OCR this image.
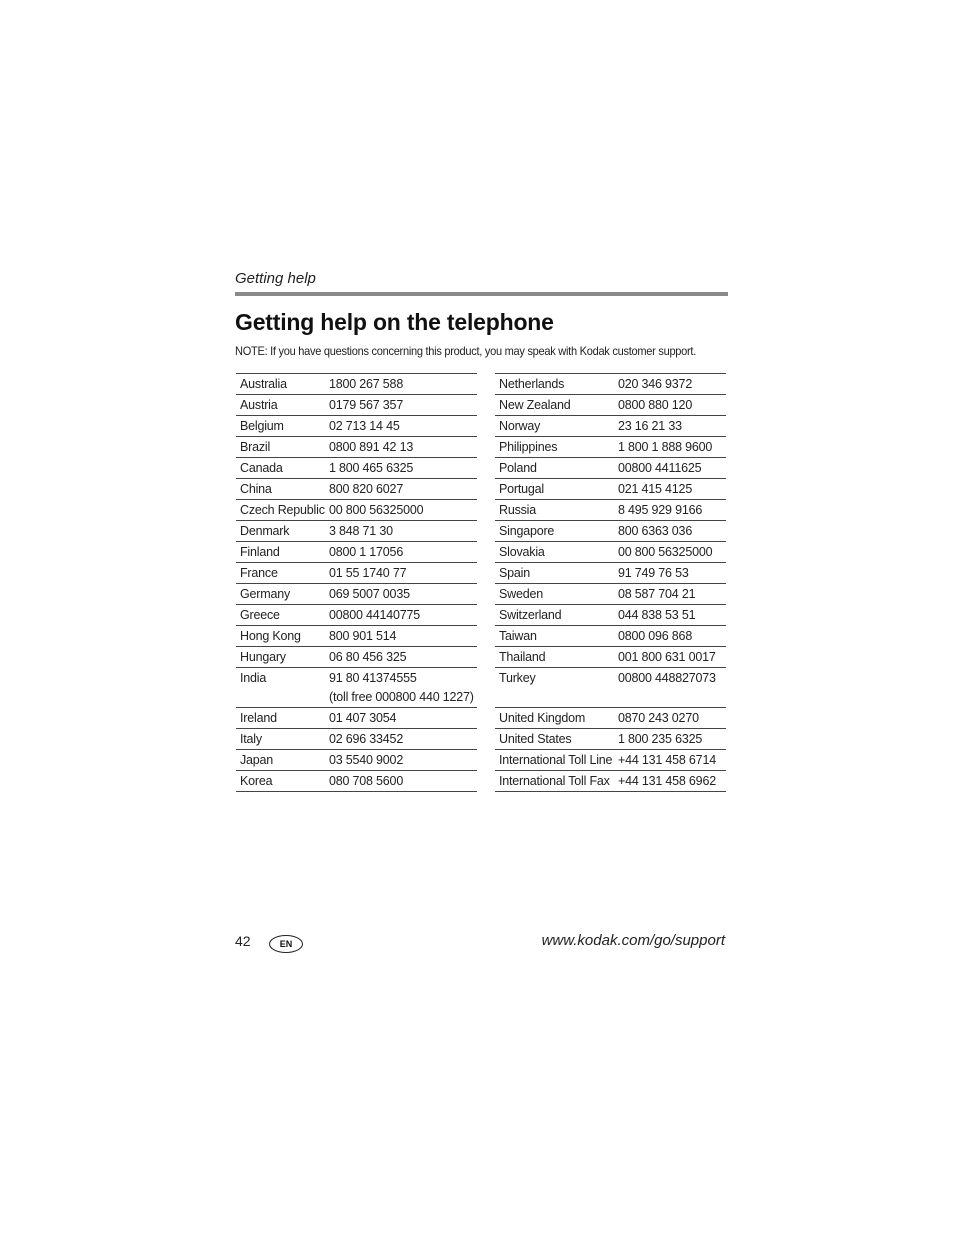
Getting help
Getting help on the telephone
NOTE: If you have questions concerning this product, you may speak with Kodak customer support.
Australia	1800 267 588
Austria	0179 567 357
Belgium	02 713 14 45
Brazil	0800 891 42 13
Canada	1 800 465 6325
China	800 820 6027
Czech Republic	00 800 56325000
Denmark	3 848 71 30
Finland	0800 1 17056
France	01 55 1740 77
Germany	069 5007 0035
Greece	00800 44140775
Hong Kong	800 901 514
Hungary	06 80 456 325
India	91 80 41374555
(toll free 000800 440 1227)

Ireland	01 407 3054
Italy	02 696 33452
Japan	03 5540 9002
Korea	080 708 5600
Netherlands	020 346 9372
New Zealand	0800 880 120
Norway	23 16 21 33
Philippines	1 800 1 888 9600
Poland	00800 4411625
Portugal	021 415 4125
Russia	8 495 929 9166
Singapore	800 6363 036
Slovakia	00 800 56325000
Spain	91 749 76 53
Sweden	08 587 704 21
Switzerland	044 838 53 51
Taiwan	0800 096 868
Thailand	001 800 631 0017
Turkey	00800 448827073

United Kingdom	0870 243 0270
United States	1 800 235 6325
International Toll Line	+44 131 458 6714
International Toll Fax	+44 131 458 6962
42	EN	www.kodak.com/go/support
